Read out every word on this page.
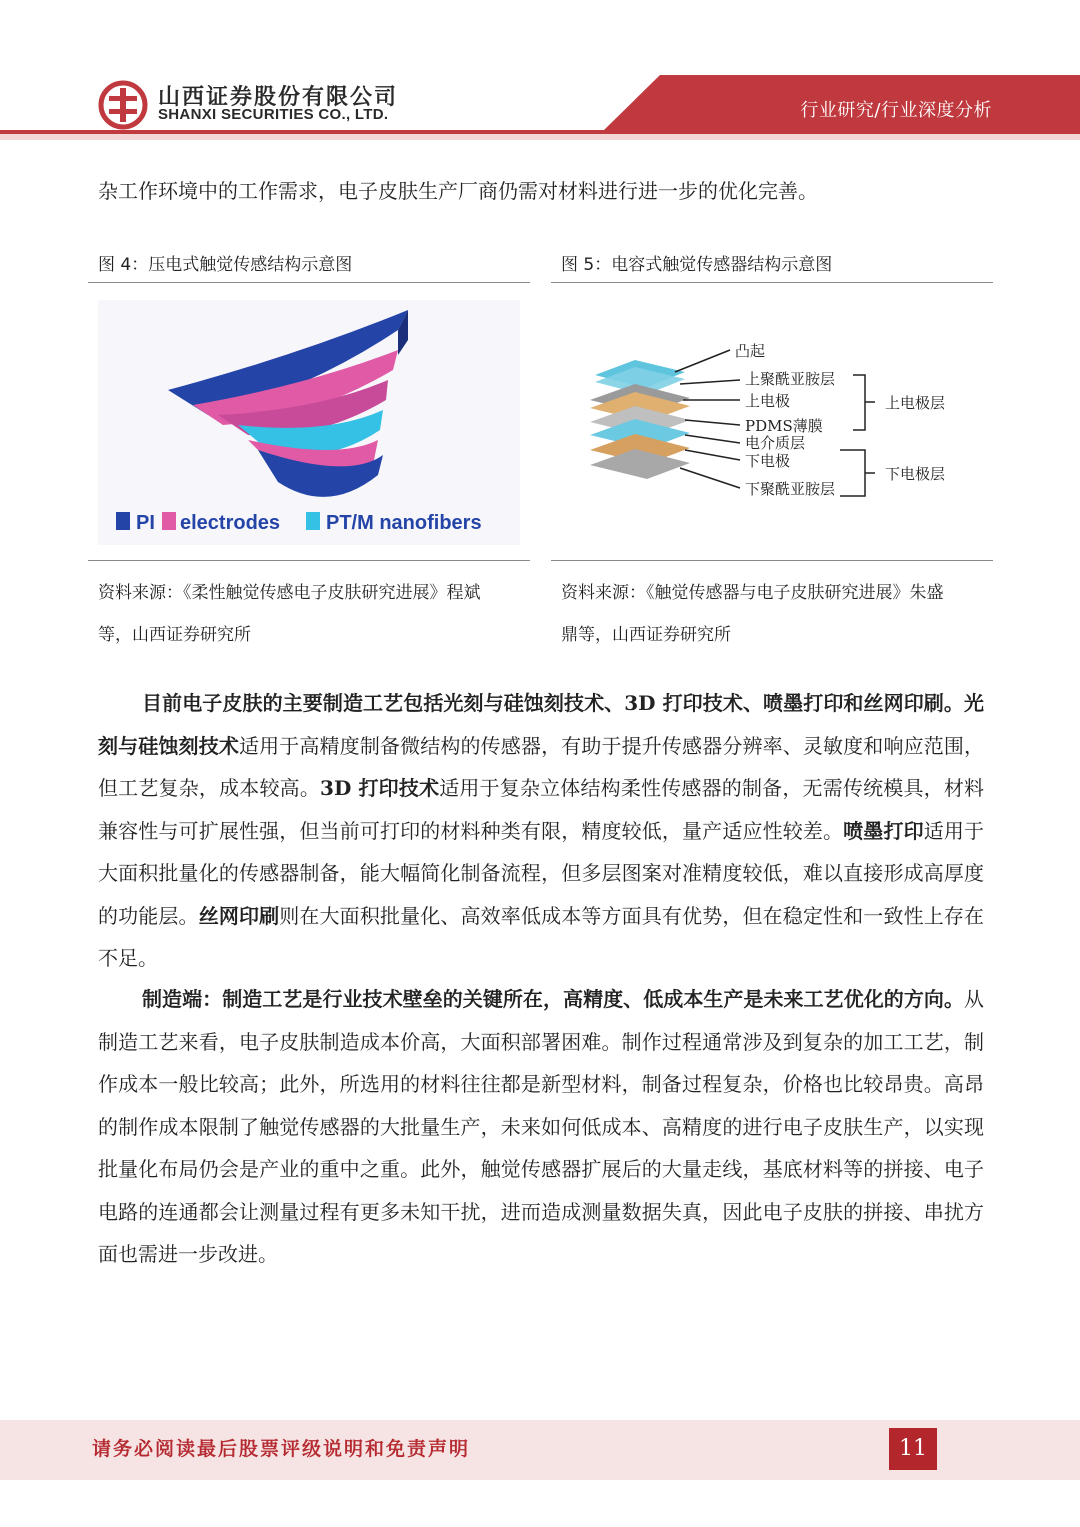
山西证券股份有限公司
SHANXI SECURITIES CO., LTD.	行业研究/行业深度分析

杂工作环境中的工作需求，电子皮肤生产厂商仍需对材料进行进一步的优化完善。

图 4：压电式触觉传感结构示意图
PI electrodes PT/M nanofibers
资料来源：《柔性触觉传感电子皮肤研究进展》程斌
等，山西证券研究所
图 5：电容式触觉传感器结构示意图
凸起
上聚酰亚胺层
上电极
PDMS薄膜
电介质层
下电极
下聚酰亚胺层
上电极层
下电极层
资料来源：《触觉传感器与电子皮肤研究进展》朱盛
鼎等，山西证券研究所

目前电子皮肤的主要制造工艺包括光刻与硅蚀刻技术、3D 打印技术、喷墨打印和丝网印刷。光刻与硅蚀刻技术适用于高精度制备微结构的传感器，有助于提升传感器分辨率、灵敏度和响应范围，但工艺复杂，成本较高。3D 打印技术适用于复杂立体结构柔性传感器的制备，无需传统模具，材料兼容性与可扩展性强，但当前可打印的材料种类有限，精度较低，量产适应性较差。喷墨打印适用于大面积批量化的传感器制备，能大幅简化制备流程，但多层图案对准精度较低，难以直接形成高厚度的功能层。丝网印刷则在大面积批量化、高效率低成本等方面具有优势，但在稳定性和一致性上存在不足。

制造端：制造工艺是行业技术壁垒的关键所在，高精度、低成本生产是未来工艺优化的方向。从制造工艺来看，电子皮肤制造成本价高，大面积部署困难。制作过程通常涉及到复杂的加工工艺，制作成本一般比较高；此外，所选用的材料往往都是新型材料，制备过程复杂，价格也比较昂贵。高昂的制作成本限制了触觉传感器的大批量生产，未来如何低成本、高精度的进行电子皮肤生产，以实现批量化布局仍会是产业的重中之重。此外，触觉传感器扩展后的大量走线，基底材料等的拼接、电子电路的连通都会让测量过程有更多未知干扰，进而造成测量数据失真，因此电子皮肤的拼接、串扰方面也需进一步改进。

请务必阅读最后股票评级说明和免责声明	11
